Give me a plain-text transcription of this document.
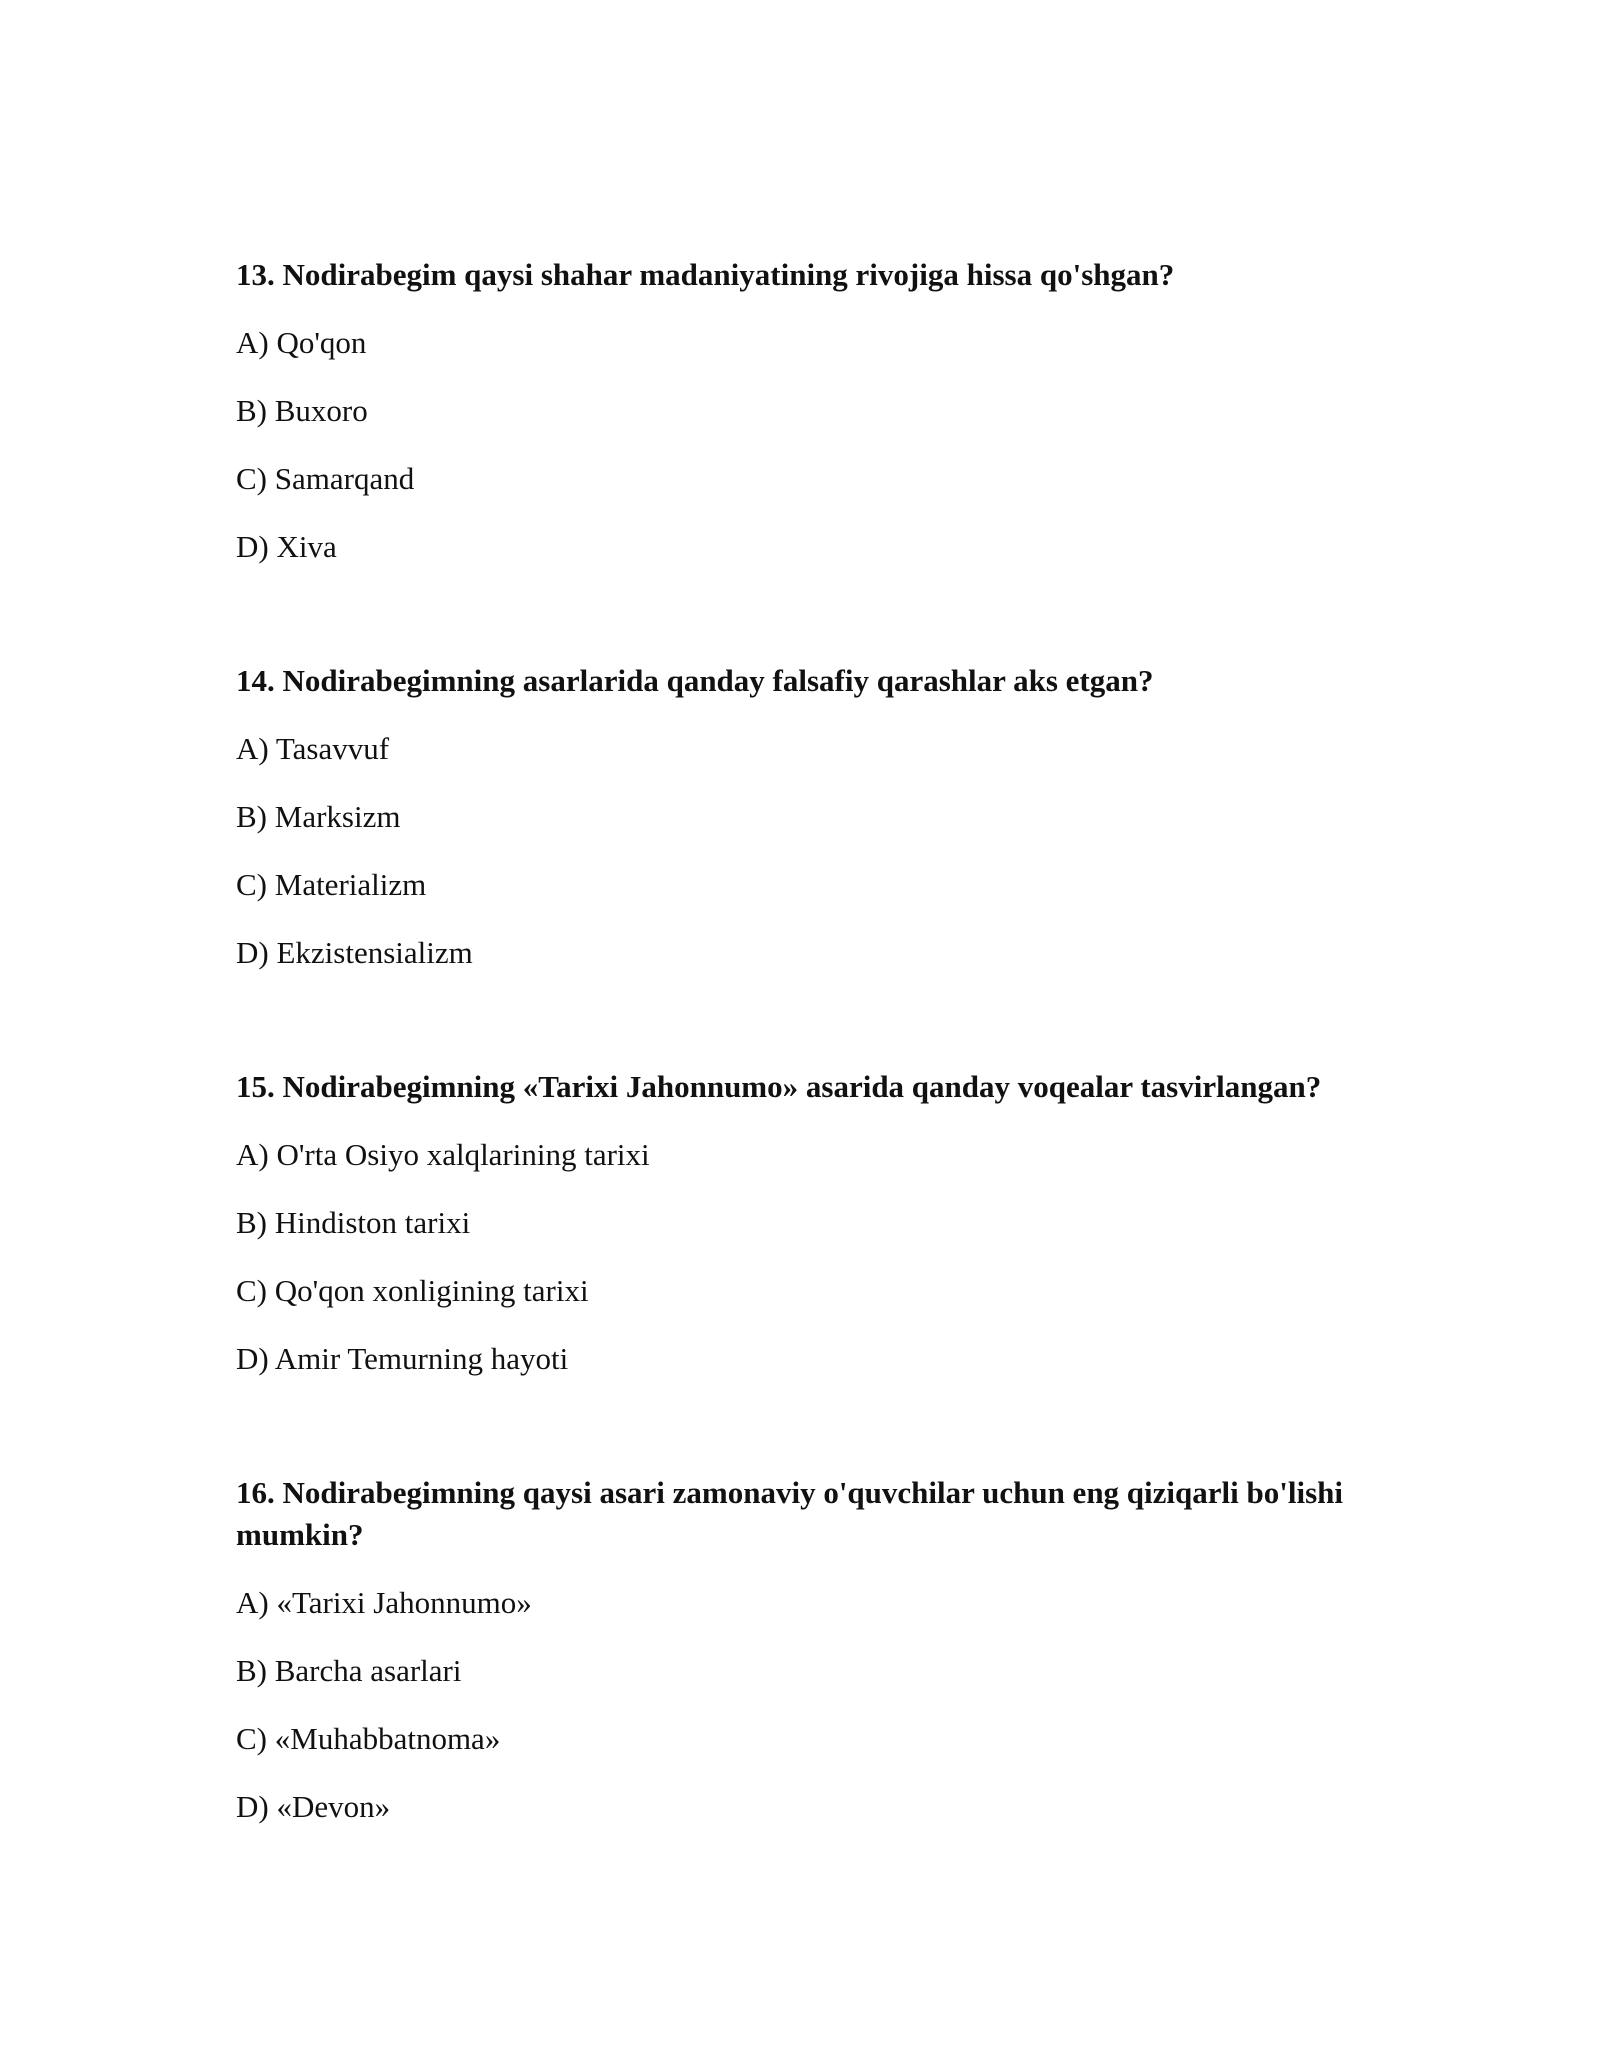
13. Nodirabegim qaysi shahar madaniyatining rivojiga hissa qo'shgan?

A) Qo'qon

B) Buxoro

C) Samarqand

D) Xiva

14. Nodirabegimning asarlarida qanday falsafiy qarashlar aks etgan?

A) Tasavvuf

B) Marksizm

C) Materializm

D) Ekzistensializm

15. Nodirabegimning «Tarixi Jahonnumo» asarida qanday voqealar tasvirlangan?

A) O'rta Osiyo xalqlarining tarixi

B) Hindiston tarixi

C) Qo'qon xonligining tarixi

D) Amir Temurning hayoti

16. Nodirabegimning qaysi asari zamonaviy o'quvchilar uchun eng qiziqarli bo'lishi mumkin?

A) «Tarixi Jahonnumo»

B) Barcha asarlari

C) «Muhabbatnoma»

D) «Devon»
